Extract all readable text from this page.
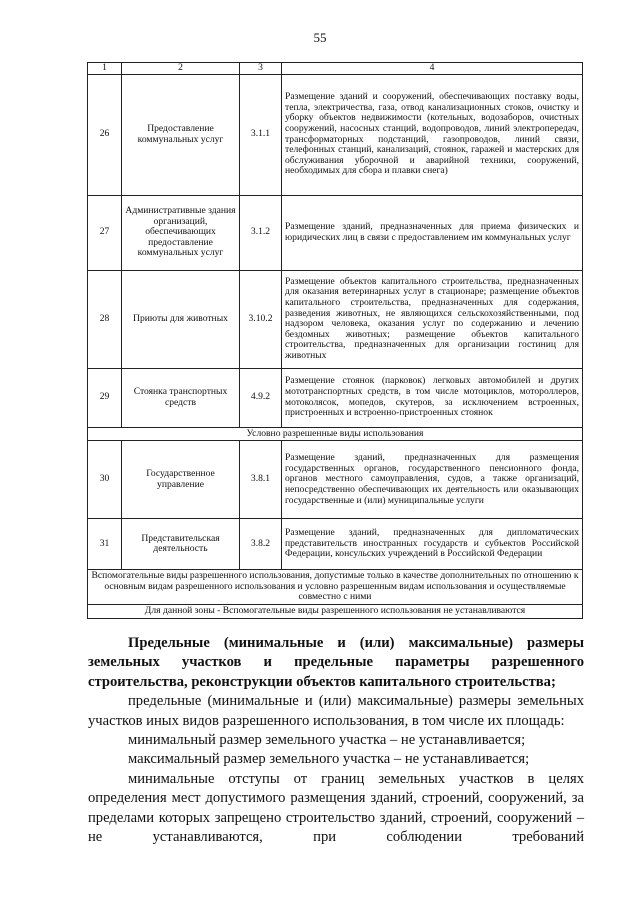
55
1	2	3	4
26	Предоставление коммунальных услуг	3.1.1	Размещение зданий и сооружений, обеспечивающих поставку воды, тепла, электричества, газа, отвод канализационных стоков, очистку и уборку объектов недвижимости (котельных, водозаборов, очистных сооружений, насосных станций, водопроводов, линий электропередач, трансформаторных подстанций, газопроводов, линий связи, телефонных станций, канализаций, стоянок, гаражей и мастерских для обслуживания уборочной и аварийной техники, сооружений, необходимых для сбора и плавки снега)
27	Административные здания организаций, обеспечивающих предоставление коммунальных услуг	3.1.2	Размещение зданий, предназначенных для приема физических и юридических лиц в связи с предоставлением им коммунальных услуг
28	Приюты для животных	3.10.2	Размещение объектов капитального строительства, предназначенных для оказания ветеринарных услуг в стационаре; размещение объектов капитального строительства, предназначенных для содержания, разведения животных, не являющихся сельскохозяйственными, под надзором человека, оказания услуг по содержанию и лечению бездомных животных; размещение объектов капитального строительства, предназначенных для организации гостиниц для животных
29	Стоянка транспортных средств	4.9.2	Размещение стоянок (парковок) легковых автомобилей и других мототранспортных средств, в том числе мотоциклов, мотороллеров, мотоколясок, мопедов, скутеров, за исключением встроенных, пристроенных и встроенно-пристроенных стоянок
Условно разрешенные виды использования			
30	Государственное управление	3.8.1	Размещение зданий, предназначенных для размещения государственных органов, государственного пенсионного фонда, органов местного самоуправления, судов, а также организаций, непосредственно обеспечивающих их деятельность или оказывающих государственные и (или) муниципальные услуги
31	Представительская деятельность	3.8.2	Размещение зданий, предназначенных для дипломатических представительств иностранных государств и субъектов Российской Федерации, консульских учреждений в Российской Федерации
Вспомогательные виды разрешенного использования, допустимые только в качестве дополнительных по отношению к основным видам разрешенного использования и условно разрешенным видам использования и осуществляемые совместно с ними			
Для данной зоны - Вспомогательные виды разрешенного использования не устанавливаются			

Предельные (минимальные и (или) максимальные) размеры земельных участков и предельные параметры разрешенного строительства, реконструкции объектов капитального строительства;

предельные (минимальные и (или) максимальные) размеры земельных участков иных видов разрешенного использования, в том числе их площадь:

минимальный размер земельного участка – не устанавливается;

максимальный размер земельного участка – не устанавливается;

минимальные отступы от границ земельных участков в целях определения мест допустимого размещения зданий, строений, сооружений, за пределами которых запрещено строительство зданий, строений, сооружений – не устанавливаются, при соблюдении требований
